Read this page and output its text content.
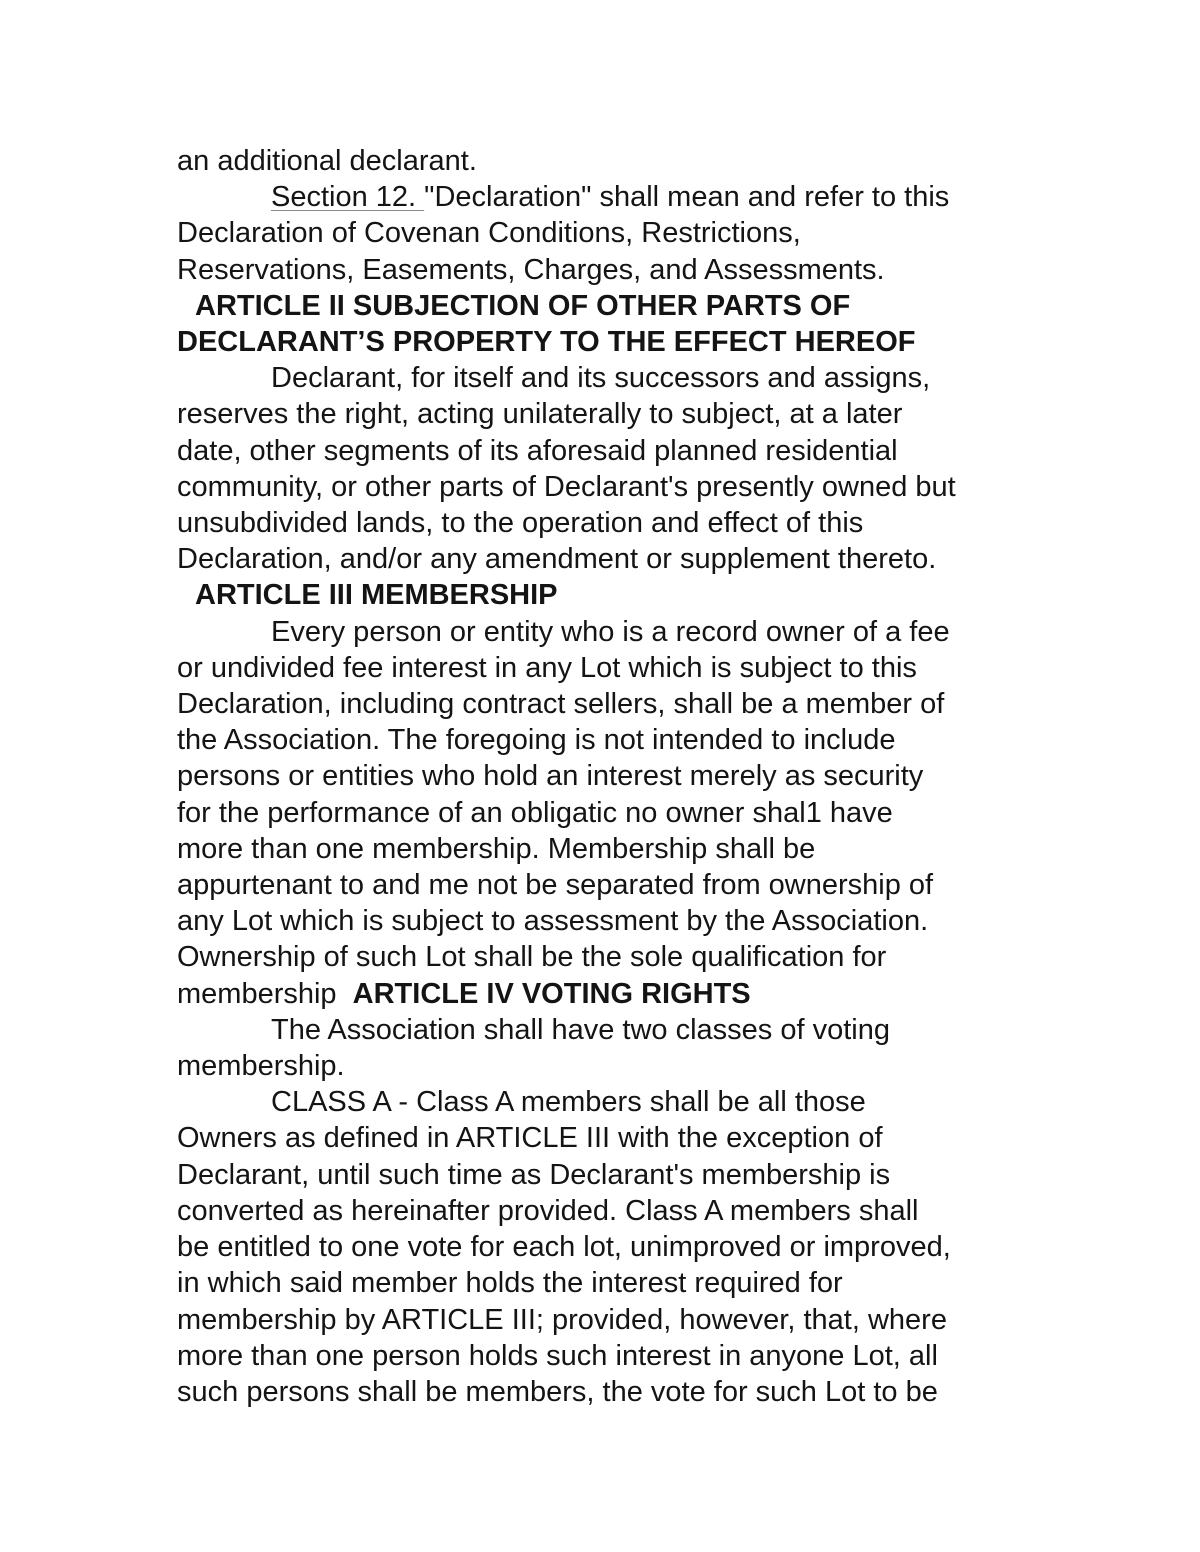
an additional declarant.
Section 12. "Declaration" shall mean and refer to this
Declaration of Covenan Conditions, Restrictions,
Reservations, Easements, Charges, and Assessments.
ARTICLE II SUBJECTION OF OTHER PARTS OF
DECLARANT’S PROPERTY TO THE EFFECT HEREOF
Declarant, for itself and its successors and assigns,
reserves the right, acting unilaterally to subject, at a later
date, other segments of its aforesaid planned residential
community, or other parts of Declarant's presently owned but
unsubdivided lands, to the operation and effect of this
Declaration, and/or any amendment or supplement thereto.
ARTICLE III MEMBERSHIP
Every person or entity who is a record owner of a fee
or undivided fee interest in any Lot which is subject to this
Declaration, including contract sellers, shall be a member of
the Association. The foregoing is not intended to include
persons or entities who hold an interest merely as security
for the performance of an obligatic no owner shal1 have
more than one membership. Membership shall be
appurtenant to and me not be separated from ownership of
any Lot which is subject to assessment by the Association.
Ownership of such Lot shall be the sole qualification for
membership  ARTICLE IV VOTING RIGHTS
The Association shall have two classes of voting
membership.
CLASS A - Class A members shall be all those
Owners as defined in ARTICLE III with the exception of
Declarant, until such time as Declarant's membership is
converted as hereinafter provided. Class A members shall
be entitled to one vote for each lot, unimproved or improved,
in which said member holds the interest required for
membership by ARTICLE III; provided, however, that, where
more than one person holds such interest in anyone Lot, all
such persons shall be members, the vote for such Lot to be
